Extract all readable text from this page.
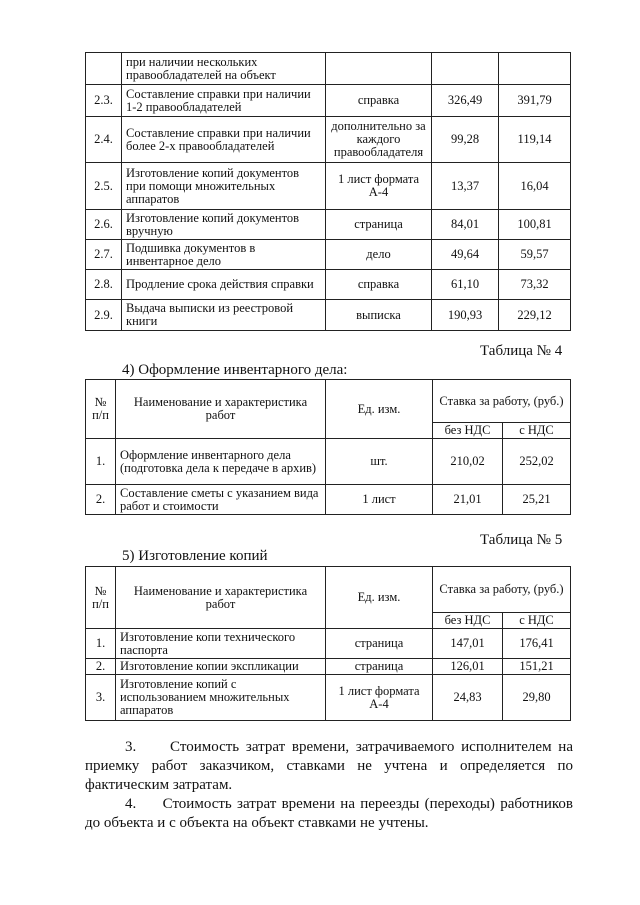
	при наличии нескольких правообладателей на объект			
2.3.	Составление справки при наличии 1-2 правообладателей	справка	326,49	391,79
2.4.	Составление справки при наличии более 2-х правообладателей	дополнительно за каждого правообладателя	99,28	119,14
2.5.	Изготовление копий документов при помощи множительных аппаратов	1 лист формата А-4	13,37	16,04
2.6.	Изготовление копий документов вручную	страница	84,01	100,81
2.7.	Подшивка документов в инвентарное дело	дело	49,64	59,57
2.8.	Продление срока действия справки	справка	61,10	73,32
2.9.	Выдача выписки из реестровой книги	выписка	190,93	229,12
Таблица № 4
4) Оформление инвентарного дела:
№ п/п	Наименование и характеристика работ	Ед. изм.	Ставка за работу, (руб.)	
			без НДС	с НДС
1.	Оформление инвентарного дела (подготовка дела к передаче в архив)	шт.	210,02	252,02
2.	Составление сметы с указанием вида работ и стоимости	1 лист	21,01	25,21
Таблица № 5
5) Изготовление копий
№ п/п	Наименование и характеристика работ	Ед. изм.	Ставка за работу, (руб.)	
			без НДС	с НДС
1.	Изготовление копи технического паспорта	страница	147,01	176,41
2.	Изготовление копии экспликации	страница	126,01	151,21
3.	Изготовление копий с использованием множительных аппаратов	1 лист формата А-4	24,83	29,80
3. Стоимость затрат времени, затрачиваемого исполнителем на приемку работ заказчиком, ставками не учтена и определяется по фактическим затратам.
4. Стоимость затрат времени на переезды (переходы) работников до объекта и с объекта на объект ставками не учтены.
